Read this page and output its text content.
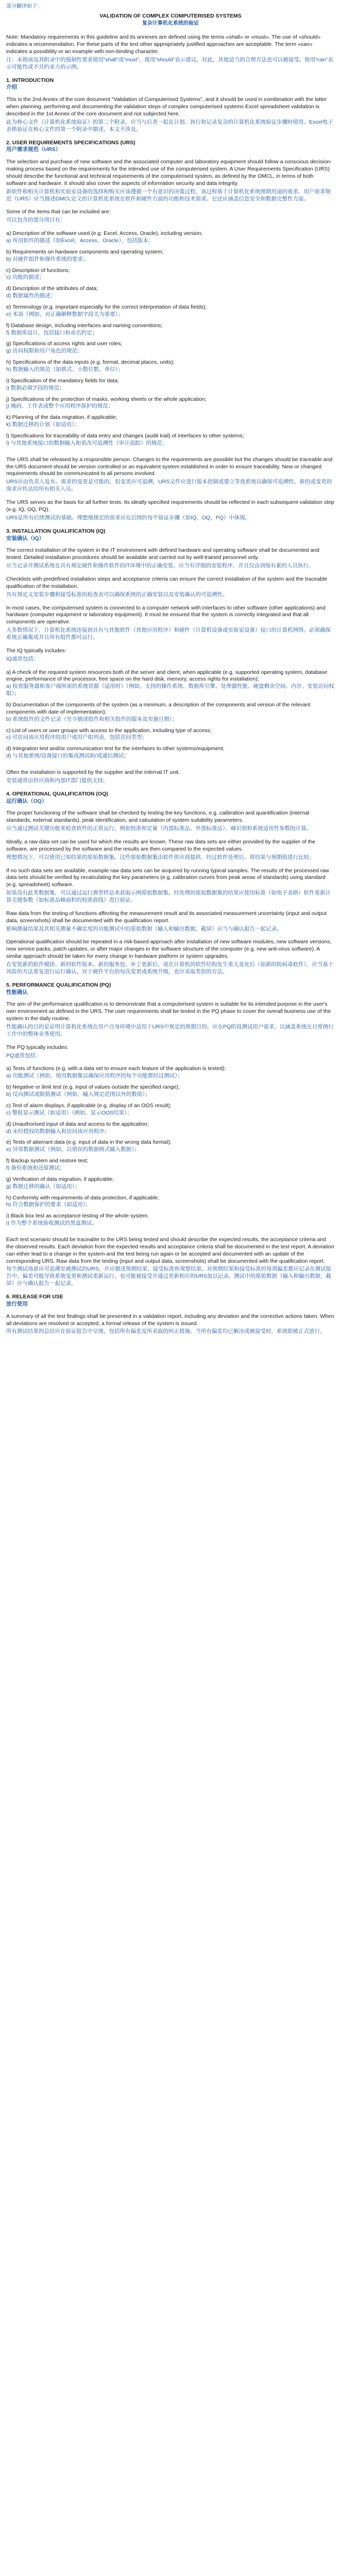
部分翻译如下：

VALIDATION OF COMPLEX COMPUTERISED SYSTEMS

复杂计算机化系统的验证

Note: Mandatory requirements in this guideline and its annexes are defined using the terms «shall» or «must». The use of «should» indicates a recommendation. For these parts of the text other appropriately justified approaches are acceptable. The term «can» indicates a possibility or an example with non-binding character.

注：本指南及其附录中的强制性要求使用“shall”或“must”。使用“should”表示建议。对此，其他适当的合理方法也可以被接受。使用“can”表示可能性或不具约束力的示例。

1. INTRODUCTION

介绍

This is the 2nd Annex of the core document "Validation of Computerised Systems", and it should be used in combination with the latter when planning, performing and documenting the validation steps of complex computerised systems Excel spreadsheet validation is described in the 1st Annex of the core document and not subjected here.

此为核心文件《计算机化系统验证》的第二个附录，应当与后者一起在计划、执行和记录复杂的计算机化系统验证步骤时使用。Excel电子表格验证在核心文件的第一个附录中描述，本文不涉及。

2. USER REQUIREMENTS SPECIFICATIONS (URS)

用户需求规范（URS）

The selection and purchase of new software and the associated computer and laboratory equipment should follow a conscious decision-making process based on the requirements for the intended use of the computerised system. A User Requirements Specification (URS) should describe the functional and technical requirements of the computerised system, as defined by the OMCL, in terms of both software and hardware. It should also cover the aspects of information security and data integrity.

新软件和相关计算机和实验室设备的选择和购买应该遵循一个有意识的决策过程，该过程基于计算机化系统预期用途的需求。用户需求规范（URS）应当描述OMCL定义的计算机化系统在软件和硬件方面的功能和技术需求。它还应涵盖信息安全和数据完整性方面。

Some of the items that can be included are:

可以包含的部分项目有：

a) Description of the software used (e.g. Excel, Access, Oracle), including version;

a) 所用软件的描述（如Excel、Access、Oracle），包括版本；

b) Requirements on hardware components and operating system;

b) 对硬件组件和操作系统的要求；

c) Description of functions;

c) 功能的描述；

d) Description of the attributes of data;

d) 数据属性的描述；

e) Terminology (e.g. important especially for the correct interpretation of data fields);

e) 术语（例如，对正确解释数据字段尤为重要）；

f) Database design, including interfaces and naming conventions;

f) 数据库设计，包括接口和命名约定；

g) Specifications of access rights and user roles;

g) 访问权限和用户角色的规范；

h) Specifications of the data inputs (e.g. format, decimal places, units);

h) 数据输入的规范（如格式、小数位数、单位）；

i) Specification of the mandatory fields for data;

i) 数据必填字段的规范；

j) Specifications of the protection of masks, working sheets or the whole application;

j) 掩码、工作表或整个应用程序保护的规范；

k) Planning of the data migration, if applicable;

k) 数据迁移的计划（如适用）；

l) Specifications for traceability of data entry and changes (audit trail) of interfaces to other systems;

l) 与其他系统接口的数据输入和更改可追溯性（审计追踪）的规范；

The URS shall be released by a responsible person. Changes to the requirements are possible but the changes should be traceable and the URS document should be version controlled or an equivalent system established in order to ensure traceability. New or changed requirements should be communicated to all persons involved.

URS应由负责人发布。需求的变更是可能的，但变更应可追溯，URS文件应进行版本控制或建立等效系统以确保可追溯性。新的或变更的需求应传达给所有相关人员。

The URS serves as the basis for all further tests. Its ideally specified requirements should be reflected in each subsequent validation step (e.g. IQ, OQ, PQ).

URS是所有后续测试的基础。理想地规定的需求应在后续的每个验证步骤（如IQ、OQ、PQ）中体现。

3. INSTALLATION QUALIFICATION (IQ)

安装确认（IQ）

The correct installation of the system in the IT environment with defined hardware and operating software shall be documented and tested. Detailed installation procedures should be available and carried out by well-trained personnel only.

应当记录并测试系统在具有规定硬件和操作软件的IT环境中的正确安装。应当有详细的安装程序，并且仅由训练有素的人员执行。

Checklists with predefined installation steps and acceptance criteria can ensure the correct installation of the system and the traceable qualification of the installation.

具有预定义安装步骤和接受标准的检查表可以确保系统的正确安装以及安装确认的可追溯性。

In most cases, the computerised system is connected to a computer network with interfaces to other software (other applications) and hardware (computer equipment or laboratory equipment). It must be ensured that the system is correctly integrated and that all components are operative.

大多数情况下，计算机化系统连接到具有与其他软件（其他应用程序）和硬件（计算机设备或实验室设备）接口的计算机网络。必须确保系统正确集成并且所有组件都可运行。

The IQ typically includes:

IQ通常包括：

a) A check of the required system resources both of the server and client, when applicable (e.g. supported operating system, database engine, performance of the processor, free space on the hard disk, memory, access rights for installation);

a) 检查服务器和客户端所需的系统资源（适用时）（例如，支持的操作系统、数据库引擎、处理器性能、硬盘剩余空间、内存、安装访问权限）；

b) Documentation of the components of the system (as a minimum, a description of the components and version of the relevant components with date of implementation);

b) 系统组件的文件记录（至少描述组件和相关组件的版本及实施日期）；

c) List of users or user groups with access to the application, including type of access;

c) 可访问该应用程序的用户或用户组列表，包括访问类型；

d) Integration test and/or communication test for the interfaces to other systems/equipment;

d) 与其他系统/设备接口的集成测试和/或通信测试；

Often the installation is supported by the supplier and the internal IT unit.

安装通常由供应商和内部IT部门提供支持。

4. OPERATIONAL QUALIFICATION (OQ)

运行确认（OQ）

The proper functioning of the software shall be checked by testing the key functions, e.g. calibration and quantification (internal standards, external standards), peak identification, and calculation of system suitability parameters.

应当通过测试关键功能来检查软件的正常运行，例如校准和定量（内部标准品、外部标准品）、峰识别和系统适用性参数的计算。

Ideally, a raw data set can be used for which the results are known. These raw data sets are either provided by the supplier of the software, are processed by the software and the results are then compared to the expected values.

理想情况下，可以使用已知结果的原始数据集。这些原始数据集由软件供应商提供，经过软件处理后，将结果与预期值进行比较。

If no such data sets are available, example raw data sets can be acquired by running typical samples. The results of the processed raw data sets should be verified by recalculating the key parameters (e.g. calibration curves from peak areas of standards) using standard (e.g. spreadsheet) software.

如果没有此类数据集，可以通过运行典型样品来获取示例原始数据集。经处理的原始数据集的结果应使用标准（如电子表格）软件重新计算关键参数（如标准品峰面积的校准曲线）进行验证。

Raw data from the testing of functions affecting the measurement result and its associated measurement uncertainty (input and output data, screenshots) shall be documented with the qualification report.

影响测量结果及其相关测量不确定度的功能测试中的原始数据（输入和输出数据，截屏）应当与确认报告一起记录。

Operational qualification should be repeated in a risk-based approach after installation of new software modules, new software versions, new service packs, patch updates, or after major changes in the software structure of the computer (e.g. new anti-virus software). A similar approach should be taken for every change in hardware platform or system upgrades.

在安装新的软件模块、新的软件版本、新的服务包、补丁更新后，或在计算机的软件结构发生重大变化后（如新的防病毒软件），应当基于风险的方法重复进行运行确认。对于硬件平台的每次变更或系统升级，也应采取类似的方法。

5. PERFORMANCE QUALIFICATION (PQ)

性能确认

The aim of the performance qualification is to demonstrate that a computerised system is suitable for its intended purpose in the user's own environment as defined in the URS. The user requirements shall be tested in the PQ phase to cover the overall business use of the system in the daily routine.

性能确认的目的是证明计算机化系统在用户自身环境中适用于URS中规定的预期目的。应在PQ阶段测试用户需求，以涵盖系统在日常例行工作中的整体业务使用。

The PQ typically includes:

PQ通常包括：

a) Tests of functions (e.g. with a data set to ensure each feature of the application is tested);

a) 功能测试（例如，使用数据集以确保应用程序的每个功能都经过测试）；

b) Negative or limit test (e.g. input of values outside the specified range);

b) 反向测试或限值测试（例如，输入规定范围以外的数值）；

c) Test of alarm displays, if applicable (e.g. display of an OOS result);

c) 警报显示测试（如适用）（例如，显示OOS结果）；

d) Unauthorised input of data and access to the application;

d) 未经授权的数据输入和访问该应用程序；

e) Tests of aberrant data (e.g. input of data in the wrong data format);

e) 异常数据测试（例如，以错误的数据格式输入数据）；

f) Backup system and restore test;

f) 备份系统和还原测试；

g) Verification of data migration, if applicable;

g) 数据迁移的确认（如适用）；

h) Conformity with requirements of data protection, if applicable;

h) 符合数据保护的要求（如适用）；

i) Black box test as acceptance testing of the whole system.

i) 作为整个系统验收测试的黑盒测试。

Each test scenario should be traceable to the URS being tested and should describe the expected results, the acceptance criteria and the observed results. Each deviation from the expected results and acceptance criteria shall be documented in the test report. A deviation can either lead to a change in the system and the test being run again or be accepted and documented with an update of the corresponding URS. Raw data from the testing (input and output data, screenshots) shall be documented with the qualification report.

每个测试场景应可追溯至被测试的URS，并应描述预期结果、接受标准和观察结果。对预期结果和接受标准的每项偏差都应记录在测试报告中。偏差可能导致系统变更和测试重新运行，也可能被接受并通过更新相应的URS加以记录。测试中的原始数据（输入和输出数据，截屏）应与确认报告一起记录。

6. RELEASE FOR USE

放行使用

A summary of all the test findings shall be presented in a validation report, including any deviation and the corrective actions taken. When all deviations are resolved or accepted, a formal release of the system is issued.

所有测试结果的总结应在验证报告中呈现，包括所有偏差及所采取的纠正措施。当所有偏差均已解决或被接受时，系统即被正式放行。
